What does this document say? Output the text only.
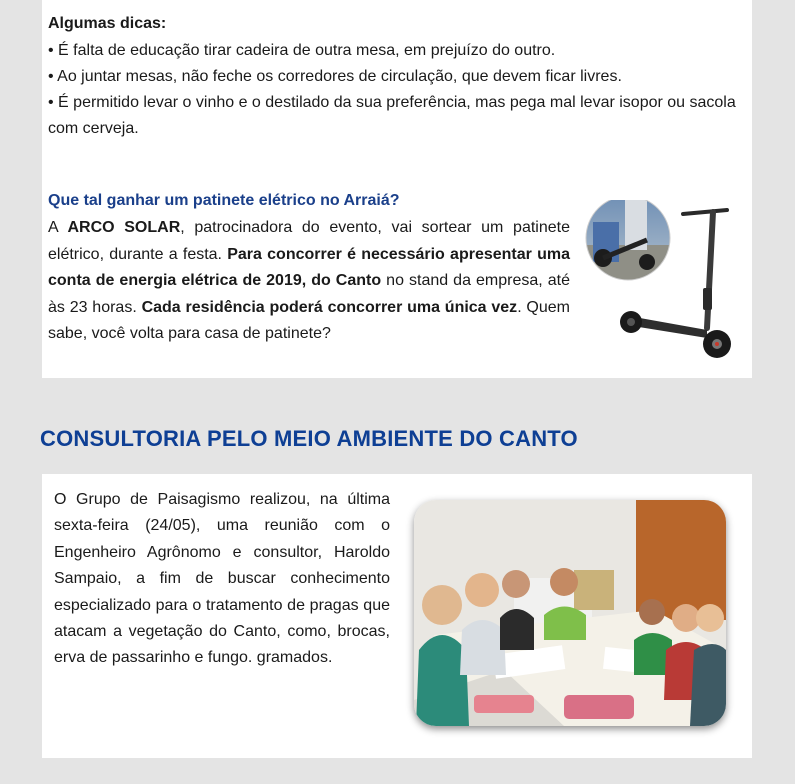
Algumas dicas:
• É falta de educação tirar cadeira de outra mesa, em prejuízo do outro.
• Ao juntar mesas, não feche os corredores de circulação, que devem ficar livres.
• É permitido levar o vinho e o destilado da sua preferência, mas pega mal levar isopor ou sacola com cerveja.
Que tal ganhar um patinete elétrico no Arraiá?

A ARCO SOLAR, patrocinadora do evento, vai sortear um patinete elétrico, durante a festa. Para concorrer é necessário apresentar uma conta de energia elétrica de 2019, do Canto no stand da empresa, até às 23 horas. Cada residência poderá concorrer uma única vez. Quem sabe, você volta para casa de patinete?

CONSULTORIA PELO MEIO AMBIENTE DO CANTO

O Grupo de Paisagismo realizou, na última sexta-feira (24/05), uma reunião com o Engenheiro Agrônomo e consultor, Haroldo Sampaio, a fim de buscar conhecimento especializado para o tratamento de pragas que atacam a vegetação do Canto, como, brocas, erva de passarinho e fungo. gramados.
